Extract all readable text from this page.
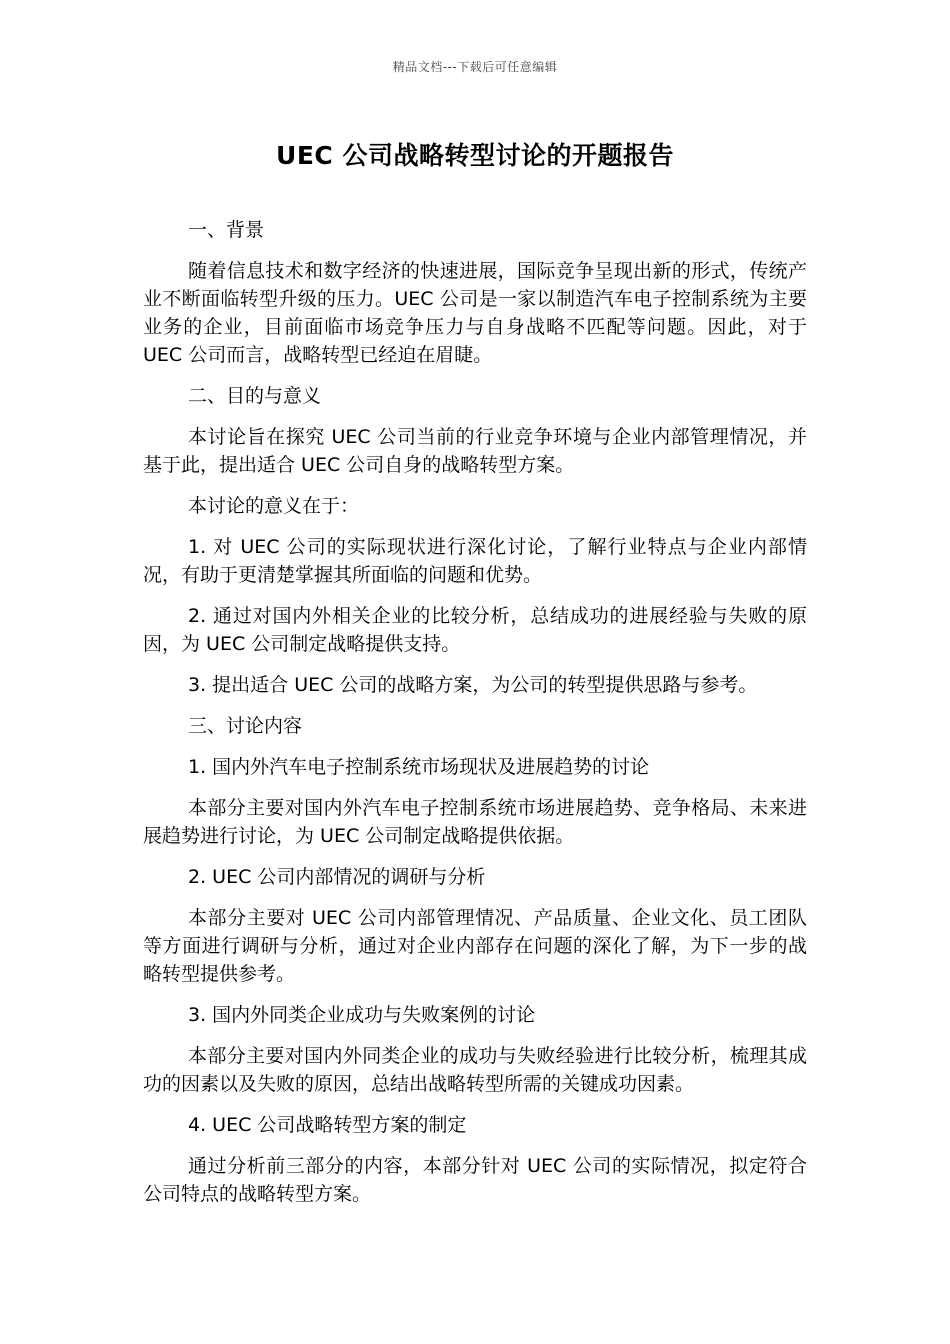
精品文档---下载后可任意编辑
UEC 公司战略转型讨论的开题报告

一、背景

随着信息技术和数字经济的快速进展，国际竞争呈现出新的形式，传统产业不断面临转型升级的压力。UEC 公司是一家以制造汽车电子控制系统为主要业务的企业，目前面临市场竞争压力与自身战略不匹配等问题。因此，对于 UEC 公司而言，战略转型已经迫在眉睫。

二、目的与意义

本讨论旨在探究 UEC 公司当前的行业竞争环境与企业内部管理情况，并基于此，提出适合 UEC 公司自身的战略转型方案。

本讨论的意义在于：

1. 对 UEC 公司的实际现状进行深化讨论，了解行业特点与企业内部情况，有助于更清楚掌握其所面临的问题和优势。

2. 通过对国内外相关企业的比较分析，总结成功的进展经验与失败的原因，为 UEC 公司制定战略提供支持。

3. 提出适合 UEC 公司的战略方案，为公司的转型提供思路与参考。

三、讨论内容

1. 国内外汽车电子控制系统市场现状及进展趋势的讨论

本部分主要对国内外汽车电子控制系统市场进展趋势、竞争格局、未来进展趋势进行讨论，为 UEC 公司制定战略提供依据。

2. UEC 公司内部情况的调研与分析

本部分主要对 UEC 公司内部管理情况、产品质量、企业文化、员工团队等方面进行调研与分析，通过对企业内部存在问题的深化了解，为下一步的战略转型提供参考。

3. 国内外同类企业成功与失败案例的讨论

本部分主要对国内外同类企业的成功与失败经验进行比较分析，梳理其成功的因素以及失败的原因，总结出战略转型所需的关键成功因素。

4. UEC 公司战略转型方案的制定

通过分析前三部分的内容，本部分针对 UEC 公司的实际情况，拟定符合公司特点的战略转型方案。
